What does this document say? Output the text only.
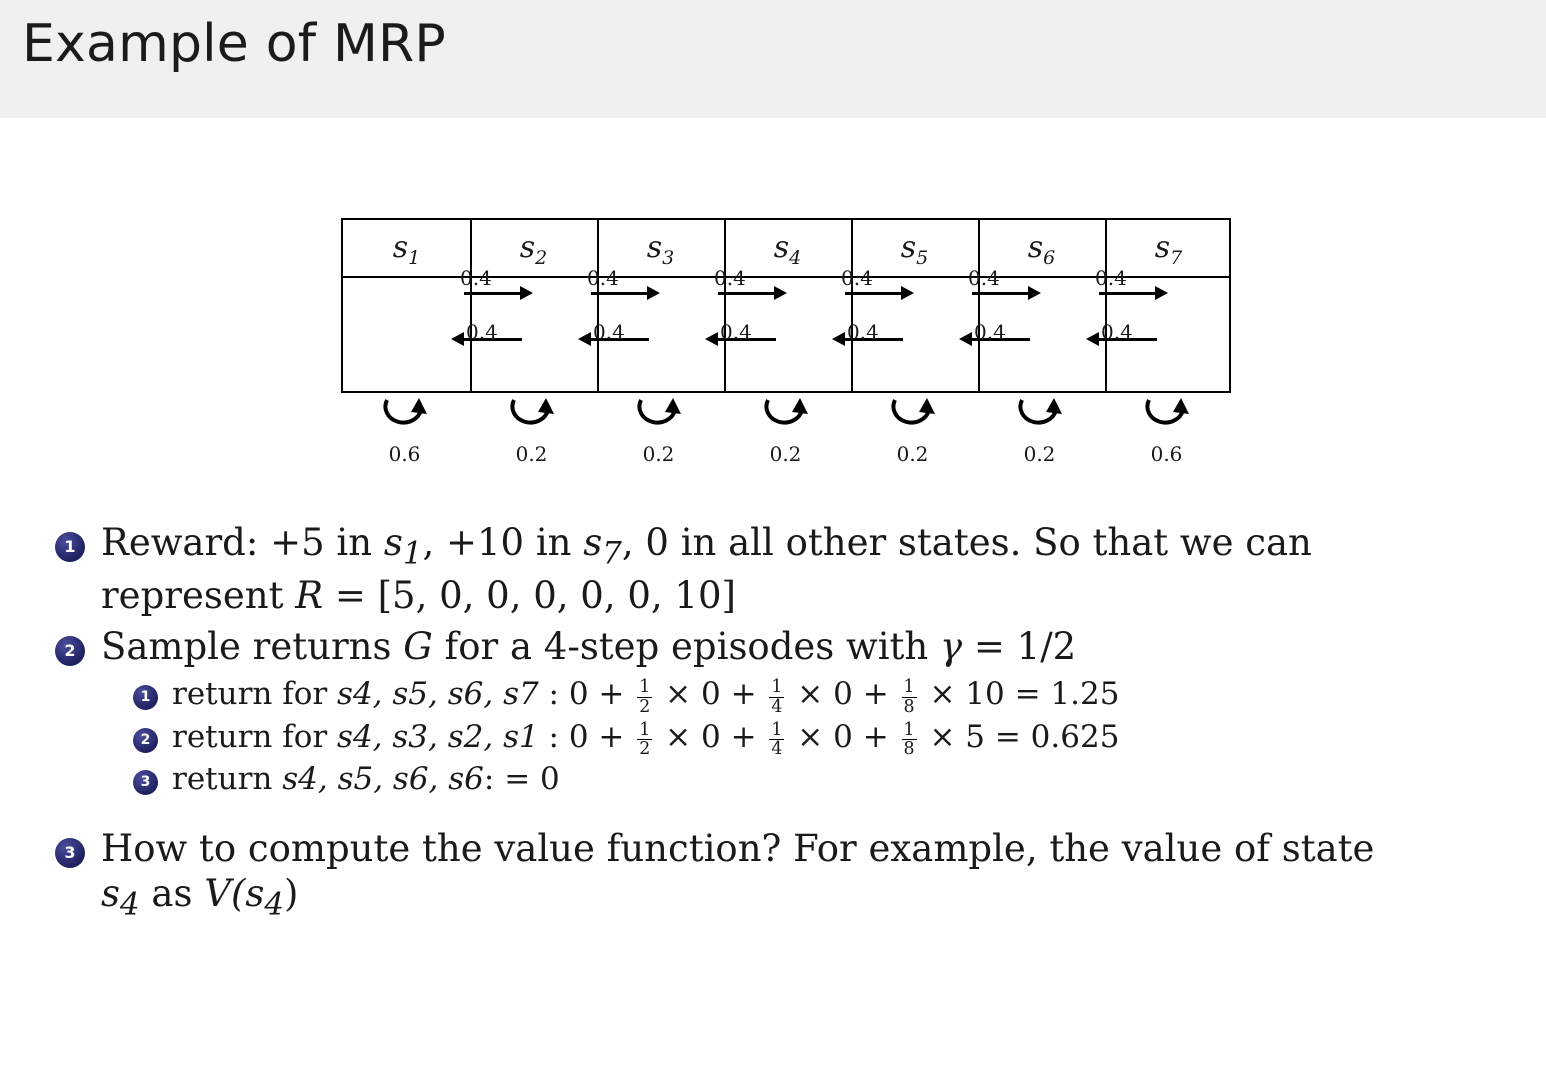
Example of MRP
$s_1$	$s_2$	$s_3$	$s_4$	$s_5$	$s_6$	$s_7$
0.4
0.4
0.4
0.4
0.4
0.4
0.4
0.4
0.4
0.4
0.4
0.4
0.6	0.2	0.2	0.2	0.2	0.2	0.6
1 Reward: +5 in $s_1$, +10 in $s_7$, 0 in all other states. So that we can
represent R = [5, 0, 0, 0, 0, 0, 10]
2 Sample returns G for a 4-step episodes with γ = 1/2
1 return for s4, s5, s6, s7 : $0 + \frac{1}{2} \times 0 + \frac{1}{4} \times 0 + \frac{1}{8} \times 10 = 1.25$
2 return for s4, s3, s2, s1 : $0 + \frac{1}{2} \times 0 + \frac{1}{4} \times 0 + \frac{1}{8} \times 5 = 0.625$
3 return s4, s5, s6, s6: = 0
3 How to compute the value function? For example, the value of state
$s_4$ as $V(s_4)$
